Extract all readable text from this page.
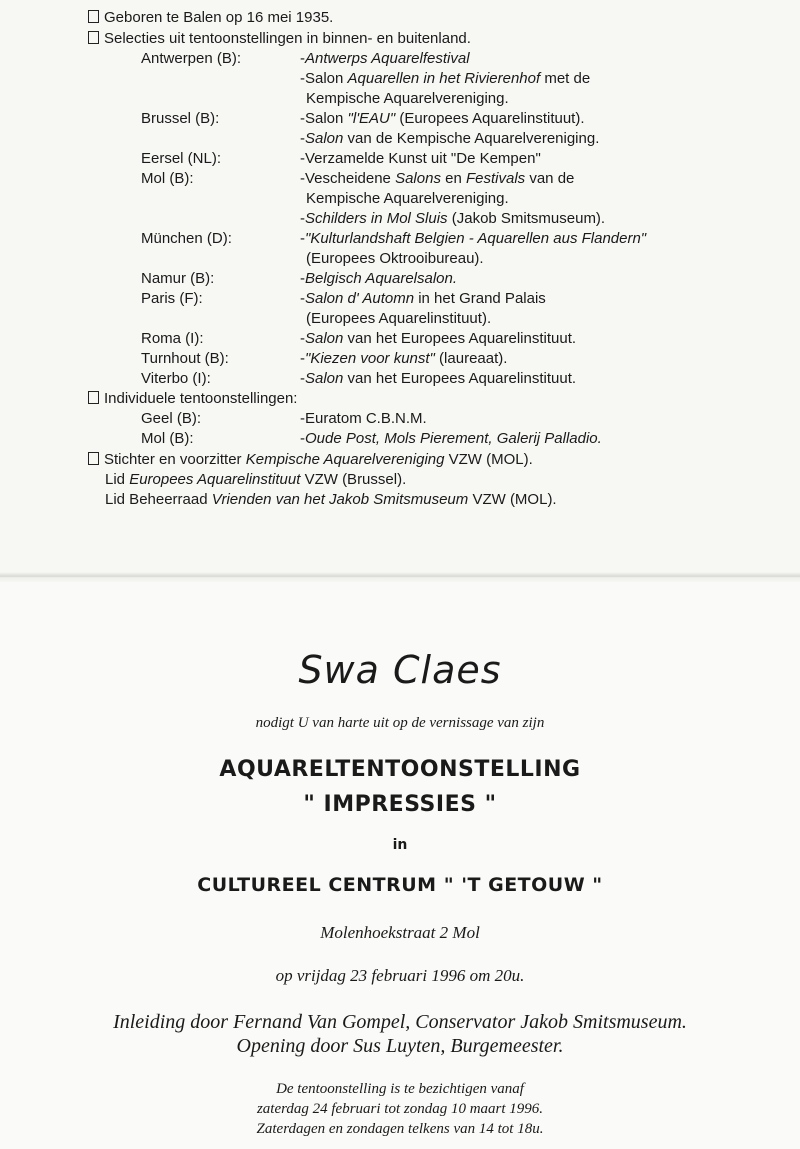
Geboren te Balen op 16 mei 1935.
Selecties uit tentoonstellingen in binnen- en buitenland.
Antwerpen (B):	-Antwerps Aquarelfestival
-Salon Aquarellen in het Rivierenhof met de
Kempische Aquarelvereniging.
Brussel (B):	-Salon "l'EAU" (Europees Aquarelinstituut).
-Salon van de Kempische Aquarelvereniging.
Eersel (NL):	-Verzamelde Kunst uit "De Kempen"
Mol (B):	-Vescheidene Salons en Festivals van de
Kempische Aquarelvereniging.
-Schilders in Mol Sluis (Jakob Smitsmuseum).
München (D):	-"Kulturlandshaft Belgien - Aquarellen aus Flandern"
(Europees Oktrooibureau).
Namur (B):	-Belgisch Aquarelsalon.
Paris (F):	-Salon d' Automn in het Grand Palais
(Europees Aquarelinstituut).
Roma (I):	-Salon van het Europees Aquarelinstituut.
Turnhout (B):	-"Kiezen voor kunst" (laureaat).
Viterbo (I):	-Salon van het Europees Aquarelinstituut.
Individuele tentoonstellingen:
Geel (B):	-Euratom C.B.N.M.
Mol (B):	-Oude Post, Mols Pierement, Galerij Palladio.
Stichter en voorzitter Kempische Aquarelvereniging VZW (MOL).
Lid Europees Aquarelinstituut VZW (Brussel).
Lid Beheerraad Vrienden van het Jakob Smitsmuseum VZW (MOL).
Swa Claes
nodigt U van harte uit op de vernissage van zijn
AQUARELTENTOONSTELLING
" IMPRESSIES "
in
CULTUREEL CENTRUM " 'T GETOUW "
Molenhoekstraat 2 Mol
op vrijdag 23 februari 1996 om 20u.
Inleiding door Fernand Van Gompel, Conservator Jakob Smitsmuseum.
Opening door Sus Luyten, Burgemeester.
De tentoonstelling is te bezichtigen vanaf
zaterdag 24 februari tot zondag 10 maart 1996.
Zaterdagen en zondagen telkens van 14 tot 18u.
